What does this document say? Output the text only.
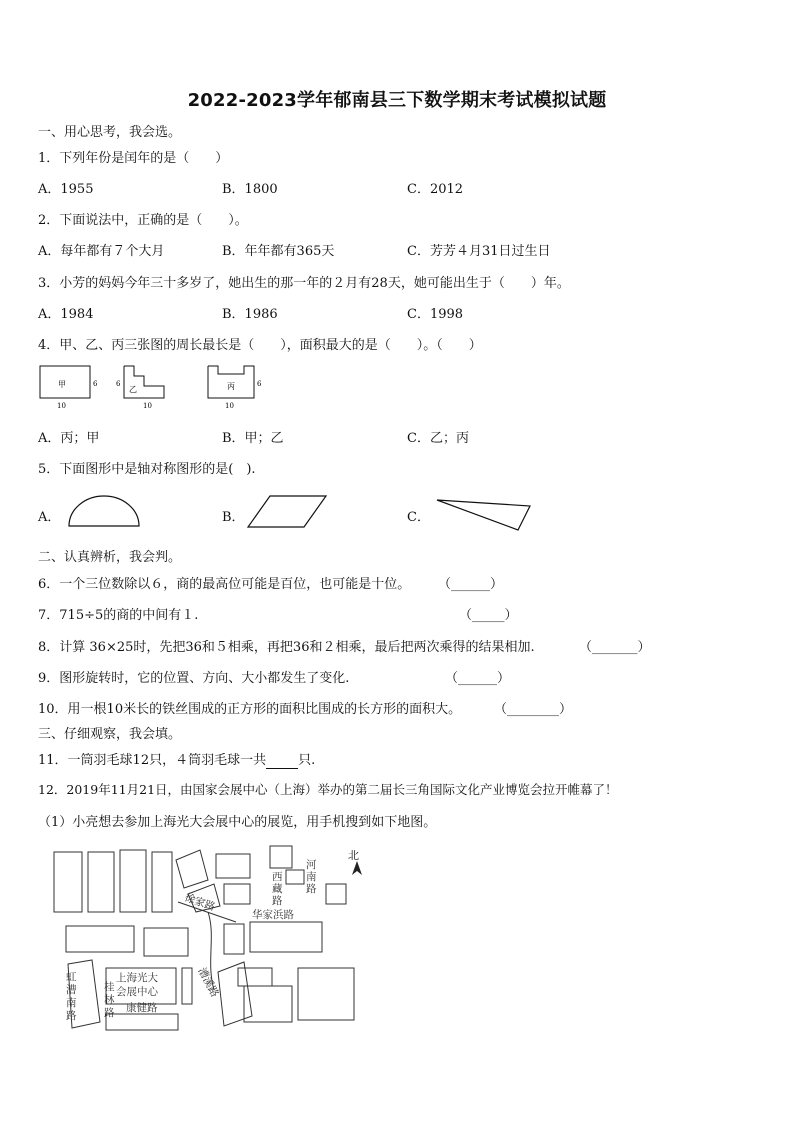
2022-2023学年郁南县三下数学期末考试模拟试题
一、用心思考，我会选。
1．下列年份是闰年的是（　　）
A．1955	B．1800	C．2012
2．下面说法中，正确的是（　　）。
A．每年都有７个大月	B．年年都有365天	C．芳芳４月31日过生日
3．小芳的妈妈今年三十多岁了，她出生的那一年的２月有28天，她可能出生于（　　）年。
A．1984	B．1986	C．1998
4．甲、乙、丙三张图的周长最长是（　　），面积最大的是（　　）。（　　）
甲	6
10
乙
6
10
丙	6
10
A．丙；甲	B．甲；乙	C．乙；丙
5．下面图形中是轴对称图形的是(　).
A．	B．	C．
二、认真辨析，我会判。
6．一个三位数除以６，商的最高位可能是百位，也可能是十位。 （______）
7．715÷5的商的中间有１.	（_____）
8．计算 36×25时，先把36和５相乘，再把36和２相乘，最后把两次乘得的结果相加.	（_______）
9．图形旋转时，它的位置、方向、大小都发生了变化.	（______）
10．用一根10米长的铁丝围成的正方形的面积比围成的长方形的面积大。	（________）
三、仔细观察，我会填。
11．一筒羽毛球12只，４筒羽毛球一共 只.
12．2019年11月21日，由国家会展中心（上海）举办的第二届长三角国际文化产业博览会拉开帷幕了！
（1）小亮想去参加上海光大会展中心的展览，用手机搜到如下地图。
西藏路
河南路
徐家路
华家浜路
漕溪路
虹漕南路
桂林路
上海光大
会展中心
康健路
北
